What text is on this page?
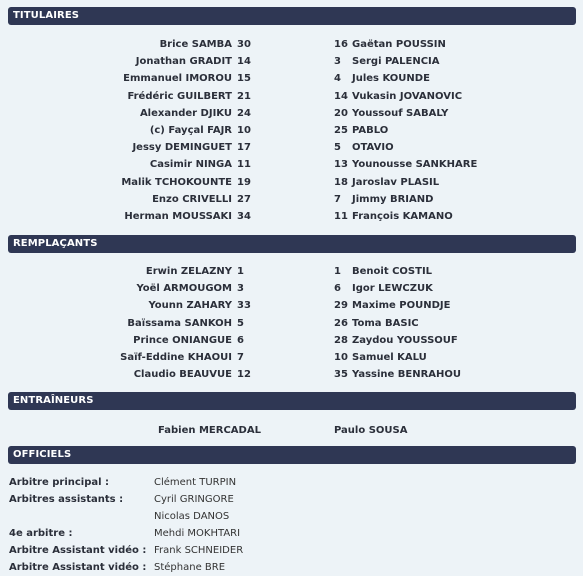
TITULAIRES
Brice SAMBA 30	16 Gaëtan POUSSIN
Jonathan GRADIT 14	3 Sergi PALENCIA
Emmanuel IMOROU 15	4 Jules KOUNDE
Frédéric GUILBERT 21	14 Vukasin JOVANOVIC
Alexander DJIKU 24	20 Youssouf SABALY
(c) Fayçal FAJR 10	25 PABLO
Jessy DEMINGUET 17	5 OTAVIO
Casimir NINGA 11	13 Younousse SANKHARE
Malik TCHOKOUNTE 19	18 Jaroslav PLASIL
Enzo CRIVELLI 27	7 Jimmy BRIAND
Herman MOUSSAKI 34	11 François KAMANO
REMPLAÇANTS
Erwin ZELAZNY 1	1 Benoit COSTIL
Yoël ARMOUGOM 3	6 Igor LEWCZUK
Younn ZAHARY 33	29 Maxime POUNDJE
Baïssama SANKOH 5	26 Toma BASIC
Prince ONIANGUE 6	28 Zaydou YOUSSOUF
Saïf-Eddine KHAOUI 7	10 Samuel KALU
Claudio BEAUVUE 12	35 Yassine BENRAHOU
ENTRAÎNEURS
Fabien MERCADAL	Paulo SOUSA
OFFICIELS
Arbitre principal :	Clément TURPIN
Arbitres assistants :	Cyril GRINGORE
Nicolas DANOS
4e arbitre :	Mehdi MOKHTARI
Arbitre Assistant vidéo : Frank SCHNEIDER
Arbitre Assistant vidéo : Stéphane BRE
